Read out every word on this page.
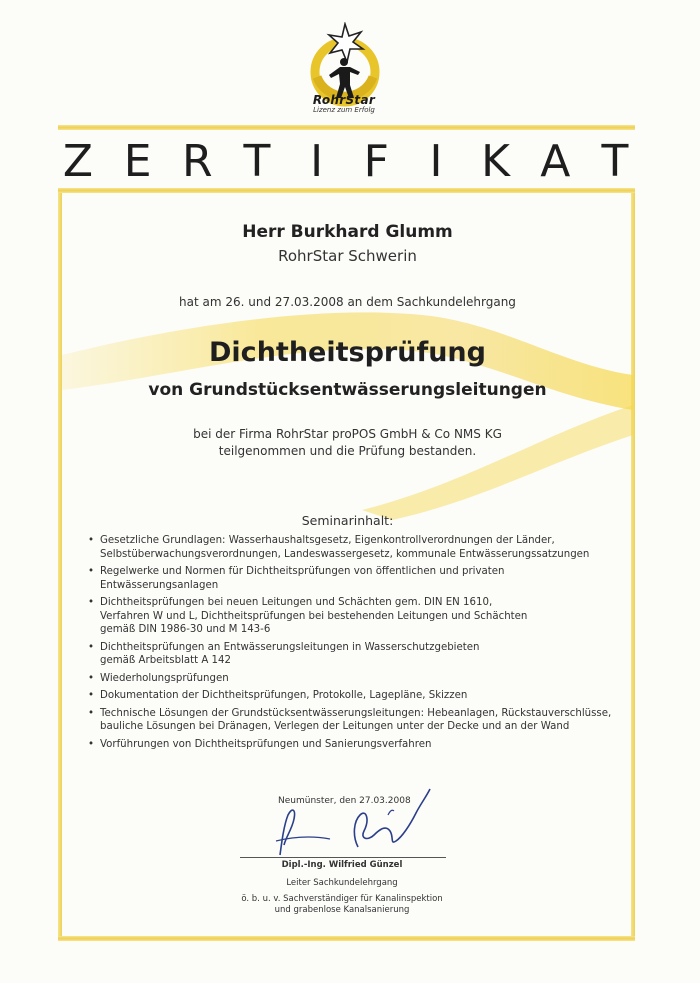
RohrStar
Lizenz zum Erfolg
Z E R T I F I K A T
Herr Burkhard Glumm
RohrStar Schwerin
hat am 26. und 27.03.2008 an dem Sachkundelehrgang
Dichtheitsprüfung
von Grundstücksentwässerungsleitungen
bei der Firma RohrStar proPOS GmbH & Co NMS KG
teilgenommen und die Prüfung bestanden.
Seminarinhalt:
• Gesetzliche Grundlagen: Wasserhaushaltsgesetz, Eigenkontrollverordnungen der Länder,
Selbstüberwachungsverordnungen, Landeswassergesetz, kommunale Entwässerungssatzungen
• Regelwerke und Normen für Dichtheitsprüfungen von öffentlichen und privaten
Entwässerungsanlagen
• Dichtheitsprüfungen bei neuen Leitungen und Schächten gem. DIN EN 1610,
Verfahren W und L, Dichtheitsprüfungen bei bestehenden Leitungen und Schächten
gemäß DIN 1986-30 und M 143-6
• Dichtheitsprüfungen an Entwässerungsleitungen in Wasserschutzgebieten
gemäß Arbeitsblatt A 142
• Wiederholungsprüfungen
• Dokumentation der Dichtheitsprüfungen, Protokolle, Lagepläne, Skizzen
• Technische Lösungen der Grundstücksentwässerungsleitungen: Hebeanlagen, Rückstauverschlüsse,
bauliche Lösungen bei Dränagen, Verlegen der Leitungen unter der Decke und an der Wand
• Vorführungen von Dichtheitsprüfungen und Sanierungsverfahren
Neumünster, den 27.03.2008
Dipl.-Ing. Wilfried Günzel
Leiter Sachkundelehrgang
ö. b. u. v. Sachverständiger für Kanalinspektion
und grabenlose Kanalsanierung
